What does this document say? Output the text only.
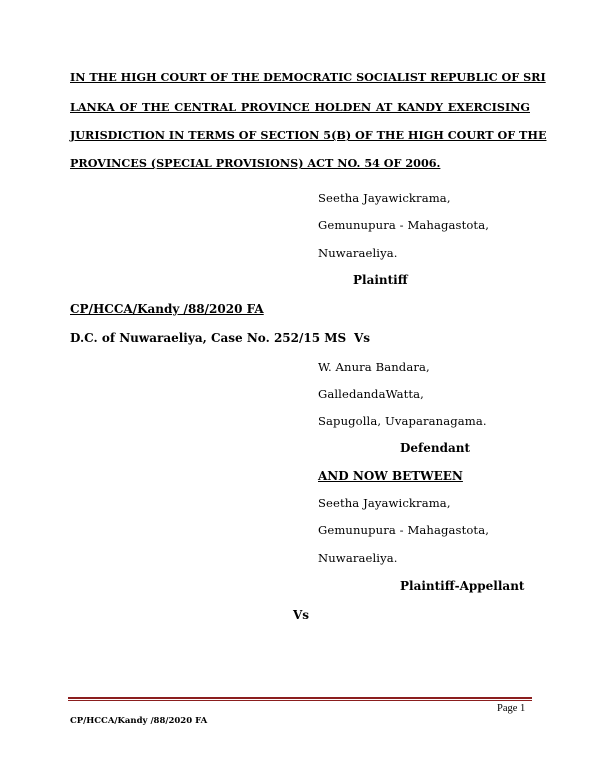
IN THE HIGH COURT OF THE DEMOCRATIC SOCIALIST REPUBLIC OF SRI
LANKA OF THE CENTRAL PROVINCE HOLDEN AT KANDY EXERCISING
JURISDICTION IN TERMS OF SECTION 5(B) OF THE HIGH COURT OF THE
PROVINCES (SPECIAL PROVISIONS) ACT NO. 54 OF 2006.
Seetha Jayawickrama,
Gemunupura - Mahagastota,
Nuwaraeliya.
Plaintiff
CP/HCCA/Kandy /88/2020 FA
D.C. of Nuwaraeliya, Case No. 252/15 MS Vs
W. Anura Bandara,
GalledandaWatta,
Sapugolla, Uvaparanagama.
Defendant
AND NOW BETWEEN
Seetha Jayawickrama,
Gemunupura - Mahagastota,
Nuwaraeliya.
Plaintiff-Appellant
Vs
Page 1
CP/HCCA/Kandy /88/2020 FA
